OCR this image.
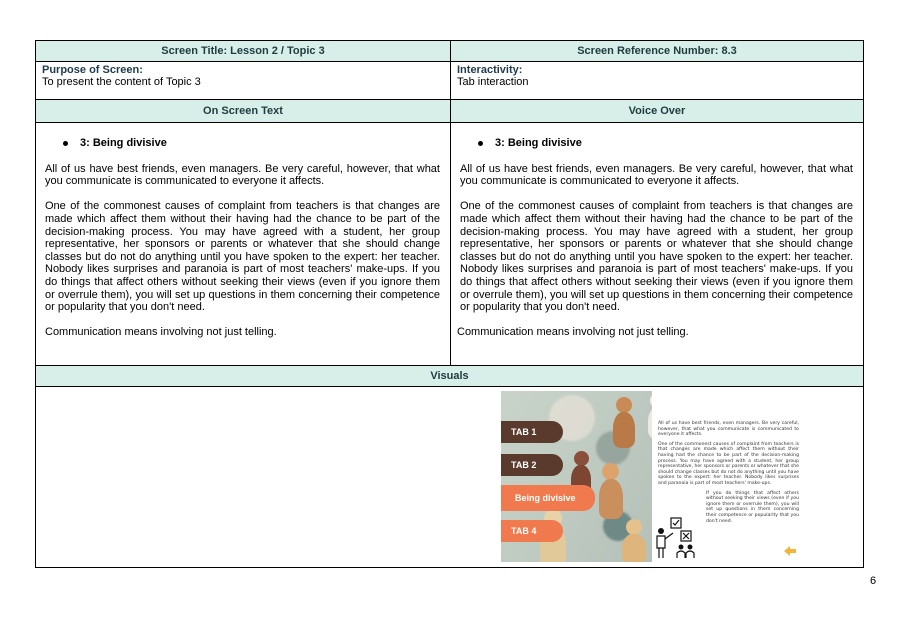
Screen Title: Lesson 2 / Topic 3	Screen Reference Number: 8.3
Purpose of Screen:
To present the content of Topic 3
Interactivity:
Tab interaction
On Screen Text	Voice Over
3: Being divisive

All of us have best friends, even managers. Be very careful, however, that what you communicate is communicated to everyone it affects.

One of the commonest causes of complaint from teachers is that changes are made which affect them without their having had the chance to be part of the decision-making process. You may have agreed with a student, her group representative, her sponsors or parents or whatever that she should change classes but do not do anything until you have spoken to the expert: her teacher. Nobody likes surprises and paranoia is part of most teachers' make-ups. If you do things that affect others without seeking their views (even if you ignore them or overrule them), you will set up questions in them concerning their competence or popularity that you don't need.

Communication means involving not just telling.

3: Being divisive

All of us have best friends, even managers. Be very careful, however, that what you communicate is communicated to everyone it affects.

One of the commonest causes of complaint from teachers is that changes are made which affect them without their having had the chance to be part of the decision-making process. You may have agreed with a student, her group representative, her sponsors or parents or whatever that she should change classes but do not do anything until you have spoken to the expert: her teacher. Nobody likes surprises and paranoia is part of most teachers' make-ups. If you do things that affect others without seeking their views (even if you ignore them or overrule them), you will set up questions in them concerning their competence or popularity that you don't need.

Communication means involving not just telling.

Visuals
TAB 1
TAB 2
Being divisive
TAB 4

All of us have best friends, even managers. Be very careful, however, that what you communicate is communicated to everyone it affects.

One of the commonest causes of complaint from teachers is that changes are made which affect them without their having had the chance to be part of the decision-making process. You may have agreed with a student, her group representative, her sponsors or parents or whatever that she should change classes but do not do anything until you have spoken to the expert: her teacher. Nobody likes surprises and paranoia is part of most teachers' make-ups.

If you do things that affect others without seeking their views (even if you ignore them or overrule them), you will set up questions in them concerning their competence or popularity that you don't need.

6
